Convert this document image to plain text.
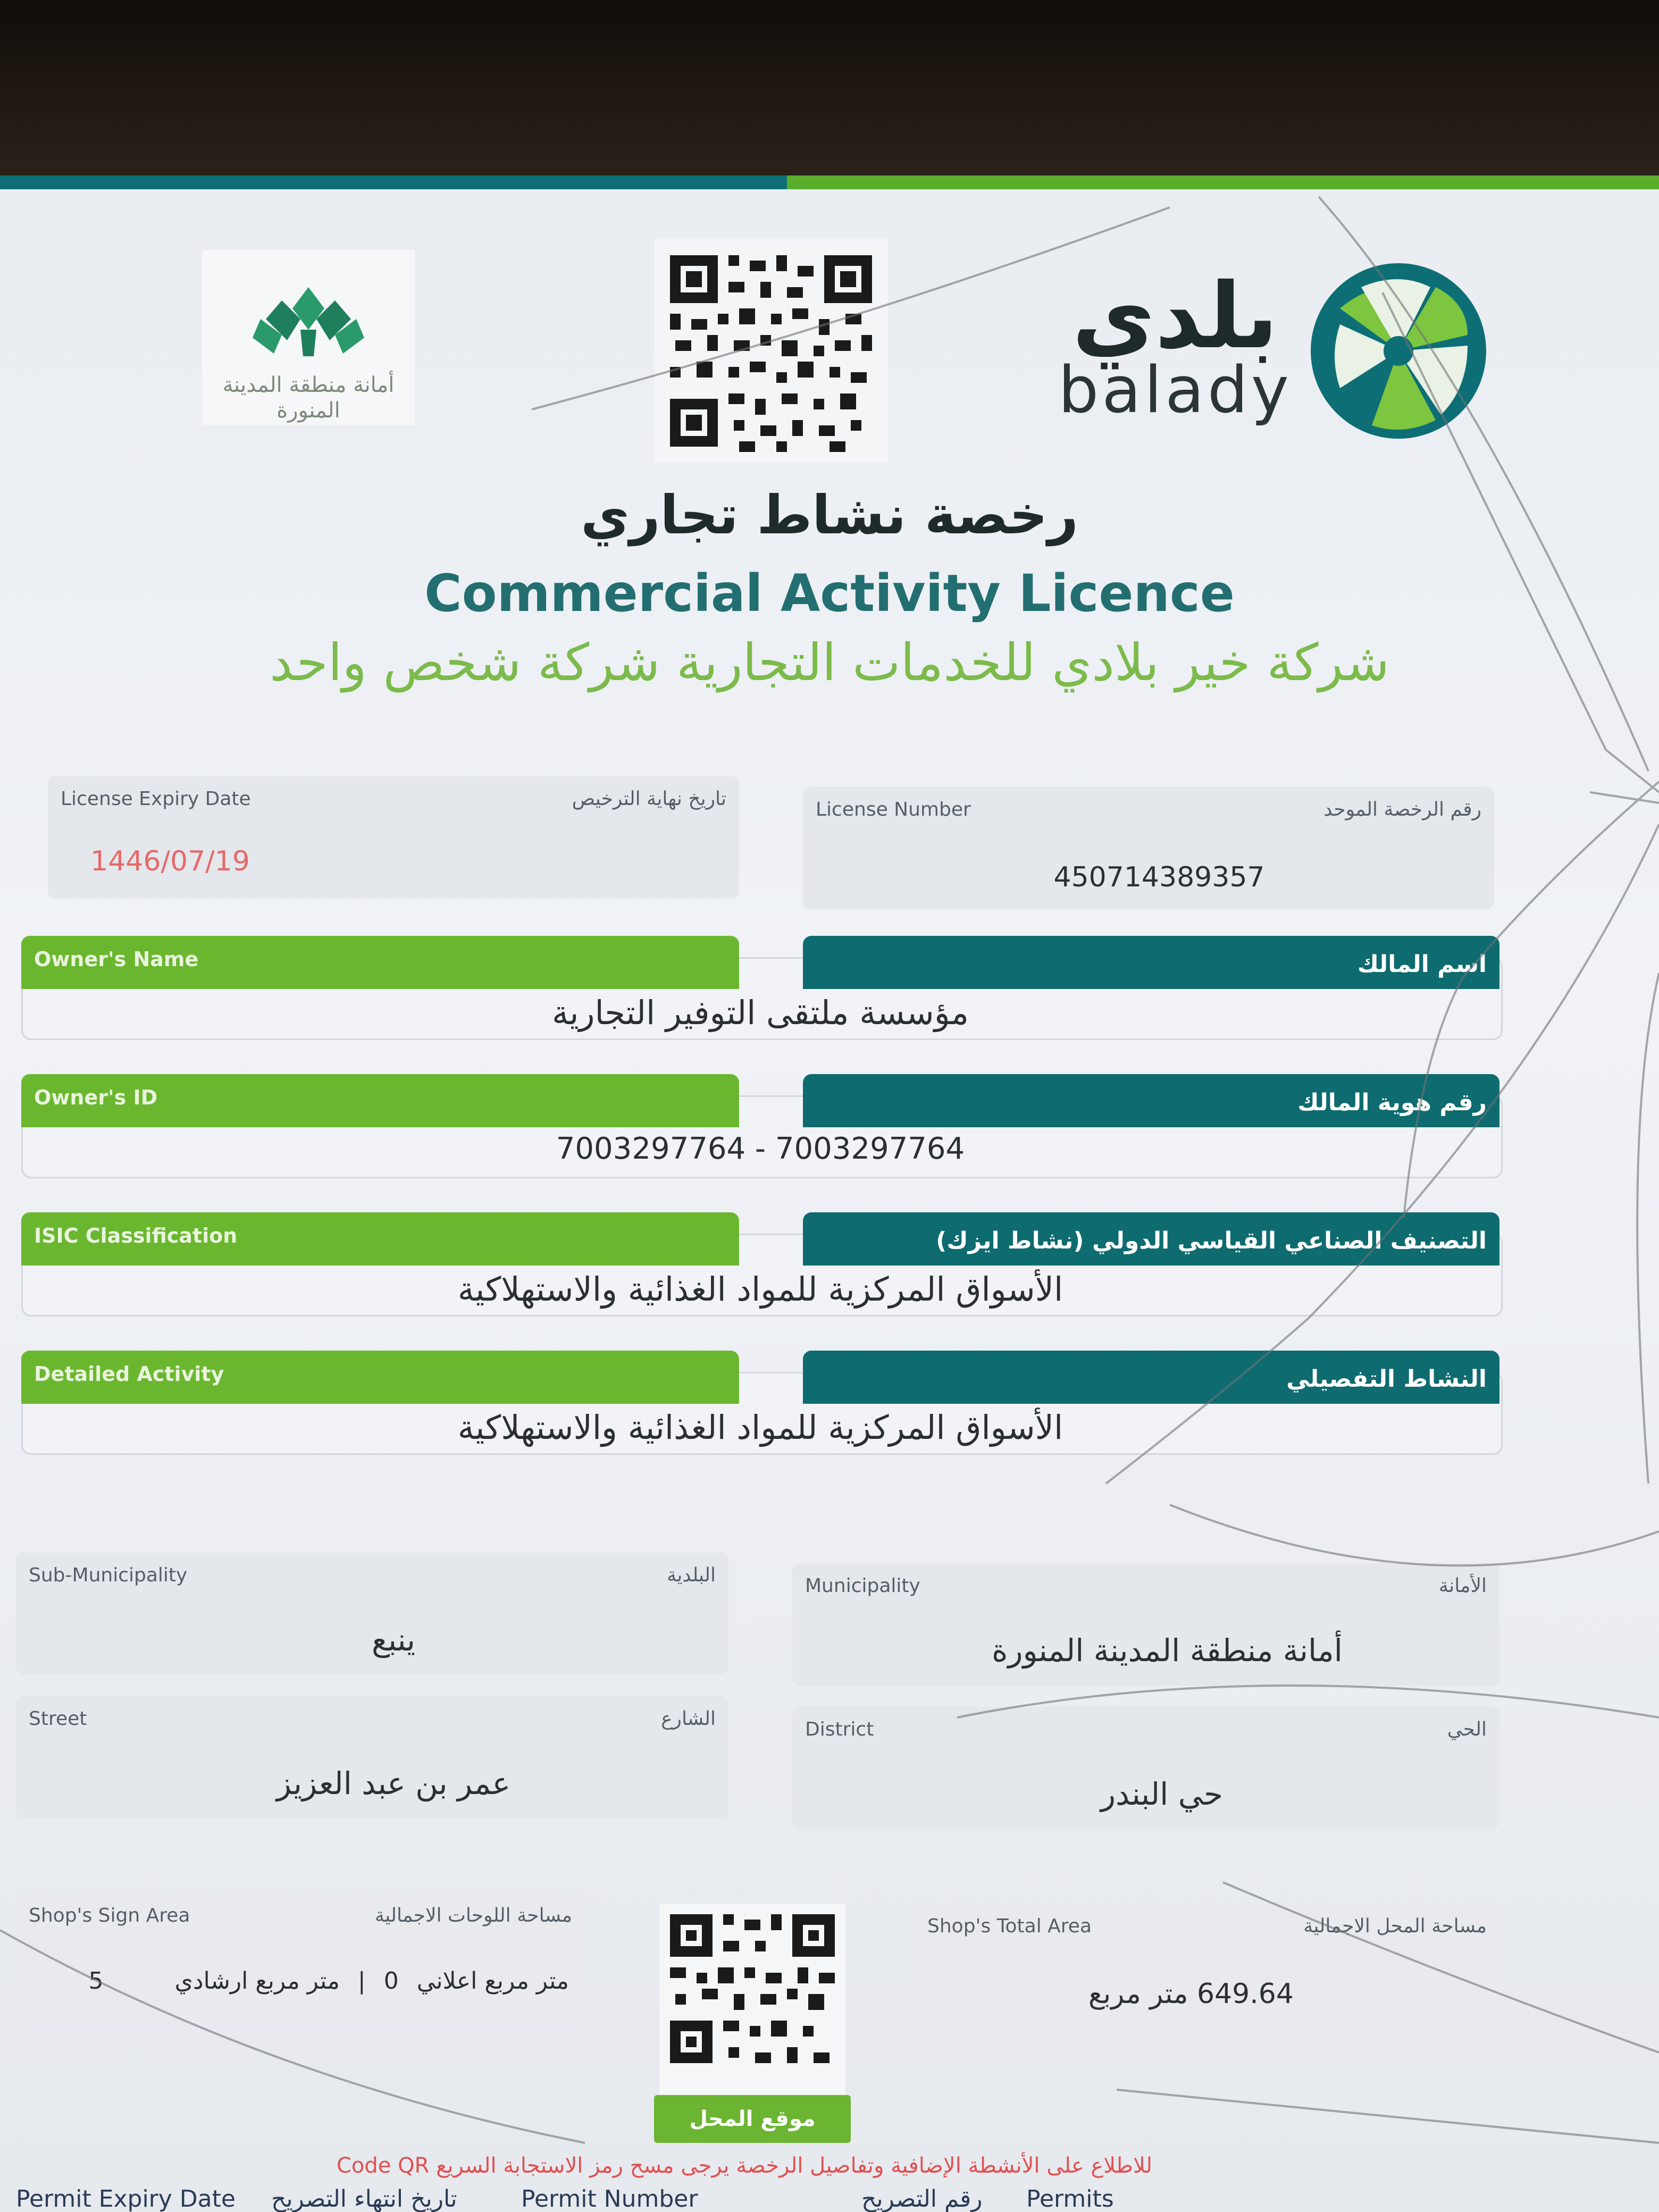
أمانة منطقة المدينة المنورة
بلدي
balady
رخصة نشاط تجاري
Commercial Activity Licence
شركة خير بلادي للخدمات التجارية شركة شخص واحد
License Expiry Date	تاريخ نهاية الترخيص
1446/07/19
License Number	رقم الرخصة الموحد
450714389357
Owner's Name	اسم المالك
مؤسسة ملتقى التوفير التجارية
Owner's ID	رقم هوية المالك
7003297764 - 7003297764
ISIC Classification	التصنيف الصناعي القياسي الدولي (نشاط ايزك)
الأسواق المركزية للمواد الغذائية والاستهلاكية
Detailed Activity	النشاط التفصيلي
الأسواق المركزية للمواد الغذائية والاستهلاكية
Sub-Municipality	البلدية
ينبع
Municipality	الأمانة
أمانة منطقة المدينة المنورة
Street	الشارع
عمر بن عبد العزيز
District	الحي
حي البندر
Shop's Sign Area	مساحة اللوحات الاجمالية
متر مربع اعلاني 0 | متر مربع ارشادي 5
موقع المحل
Shop's Total Area	مساحة المحل الاجمالية
649.64 متر مربع
للاطلاع على الأنشطة الإضافية وتفاصيل الرخصة يرجى مسح رمز الاستجابة السريع Code QR
Permit Expiry Date تاريخ انتهاء التصريح	Permit Number	رقم التصريح Permits
